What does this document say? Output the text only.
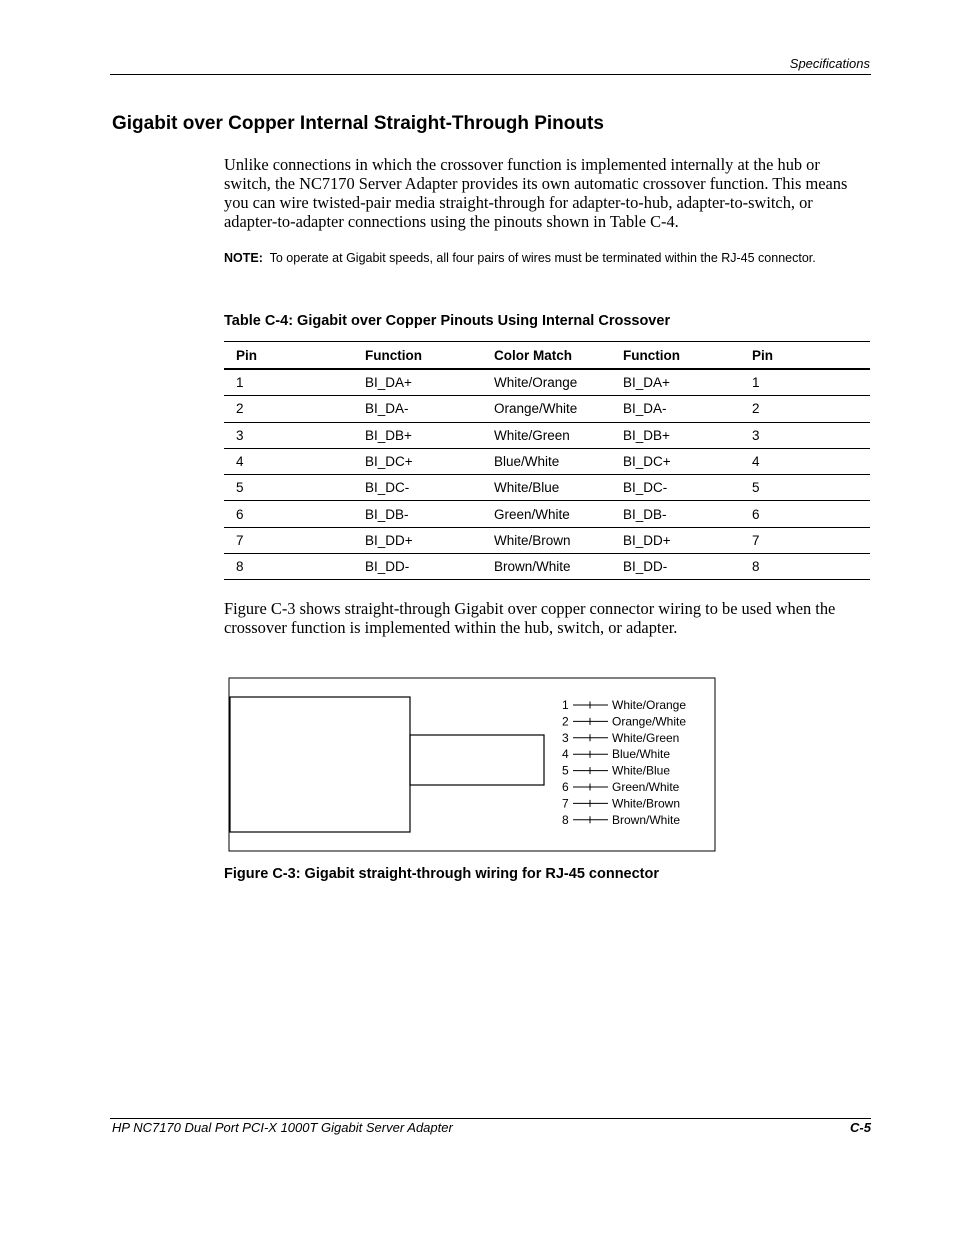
Specifications
Gigabit over Copper Internal Straight-Through Pinouts

Unlike connections in which the crossover function is implemented internally at the hub or switch, the NC7170 Server Adapter provides its own automatic crossover function. This means you can wire twisted-pair media straight-through for adapter-to-hub, adapter-to-switch, or adapter-to-adapter connections using the pinouts shown in Table C-4.

NOTE: To operate at Gigabit speeds, all four pairs of wires must be terminated within the RJ-45 connector.

Table C-4: Gigabit over Copper Pinouts Using Internal Crossover

Pin	Function	Color Match	Function	Pin
1	BI_DA+	White/Orange	BI_DA+	1
2	BI_DA-	Orange/White	BI_DA-	2
3	BI_DB+	White/Green	BI_DB+	3
4	BI_DC+	Blue/White	BI_DC+	4
5	BI_DC-	White/Blue	BI_DC-	5
6	BI_DB-	Green/White	BI_DB-	6
7	BI_DD+	White/Brown	BI_DD+	7
8	BI_DD-	Brown/White	BI_DD-	8

Figure C-3 shows straight-through Gigabit over copper connector wiring to be used when the crossover function is implemented within the hub, switch, or adapter.

1	White/Orange
2	Orange/White
3	White/Green
4	Blue/White
5	White/Blue
6	Green/White
7	White/Brown
8	Brown/White

Figure C-3: Gigabit straight-through wiring for RJ-45 connector

HP NC7170 Dual Port PCI-X 1000T Gigabit Server Adapter	C-5
